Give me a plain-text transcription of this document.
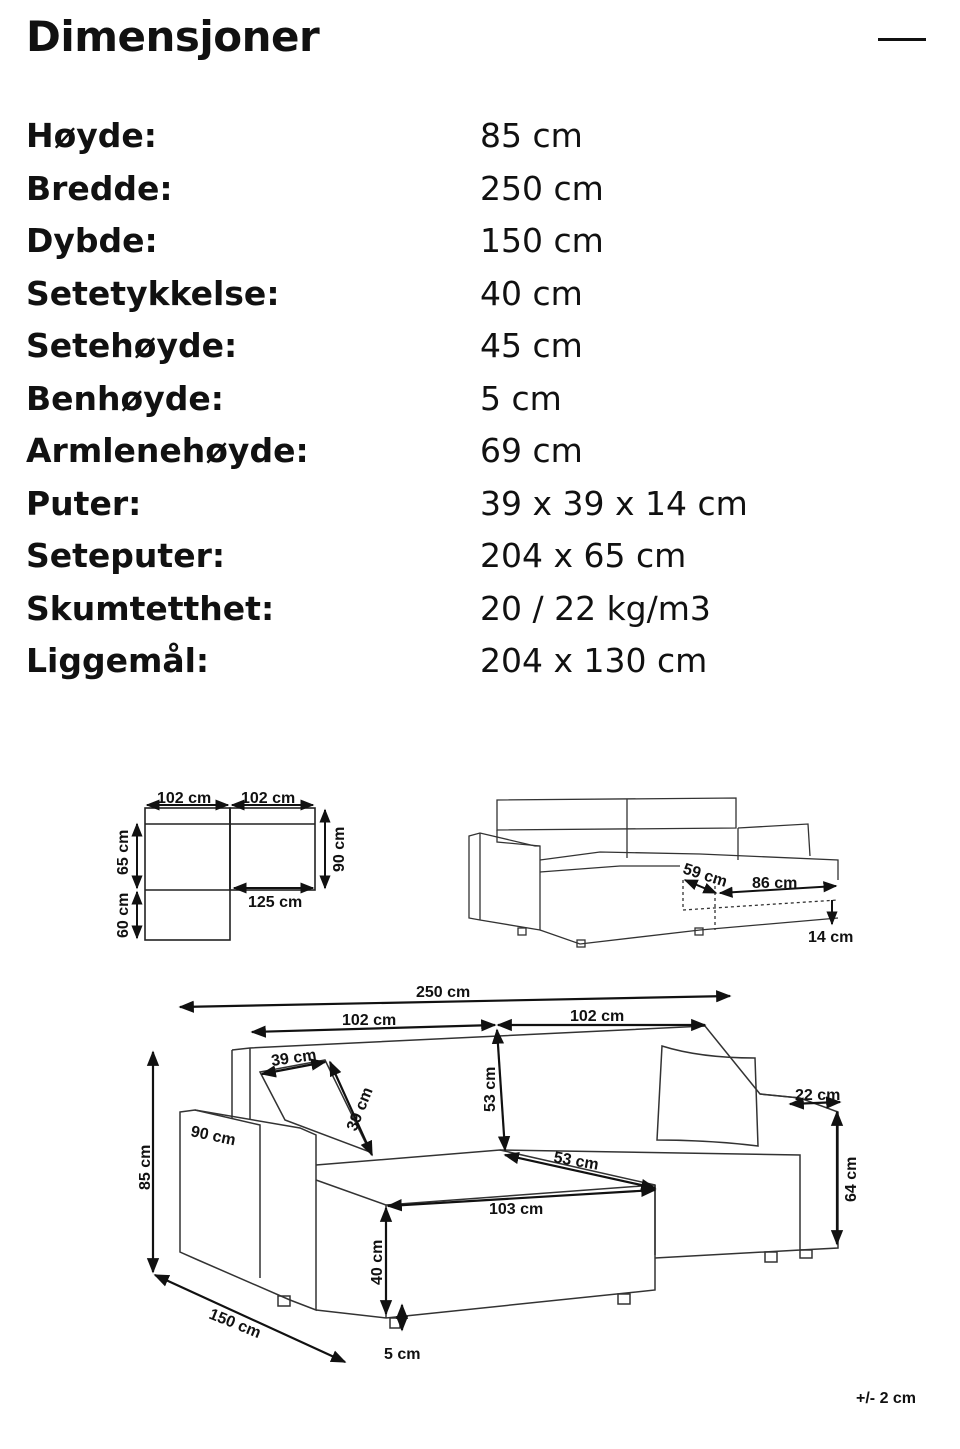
Dimensjoner
Høyde:	85 cm
Bredde:	250 cm
Dybde:	150 cm
Setetykkelse:	40 cm
Setehøyde:	45 cm
Benhøyde:	5 cm
Armlenehøyde:	69 cm
Puter:	39 x 39 x 14 cm
Seteputer:	204 x 65 cm
Skumtetthet:	20 / 22 kg/m3
Liggemål:	204 x 130 cm
102 cm 102 cm
65 cm
60 cm
90 cm
125 cm
59 cm 86 cm
14 cm
250 cm
102 cm	102 cm
39 cm
39 cm	53 cm
53 cm
90 cm
103 cm
85 cm
40 cm
5 cm
150 cm
22 cm
64 cm
+/- 2 cm
